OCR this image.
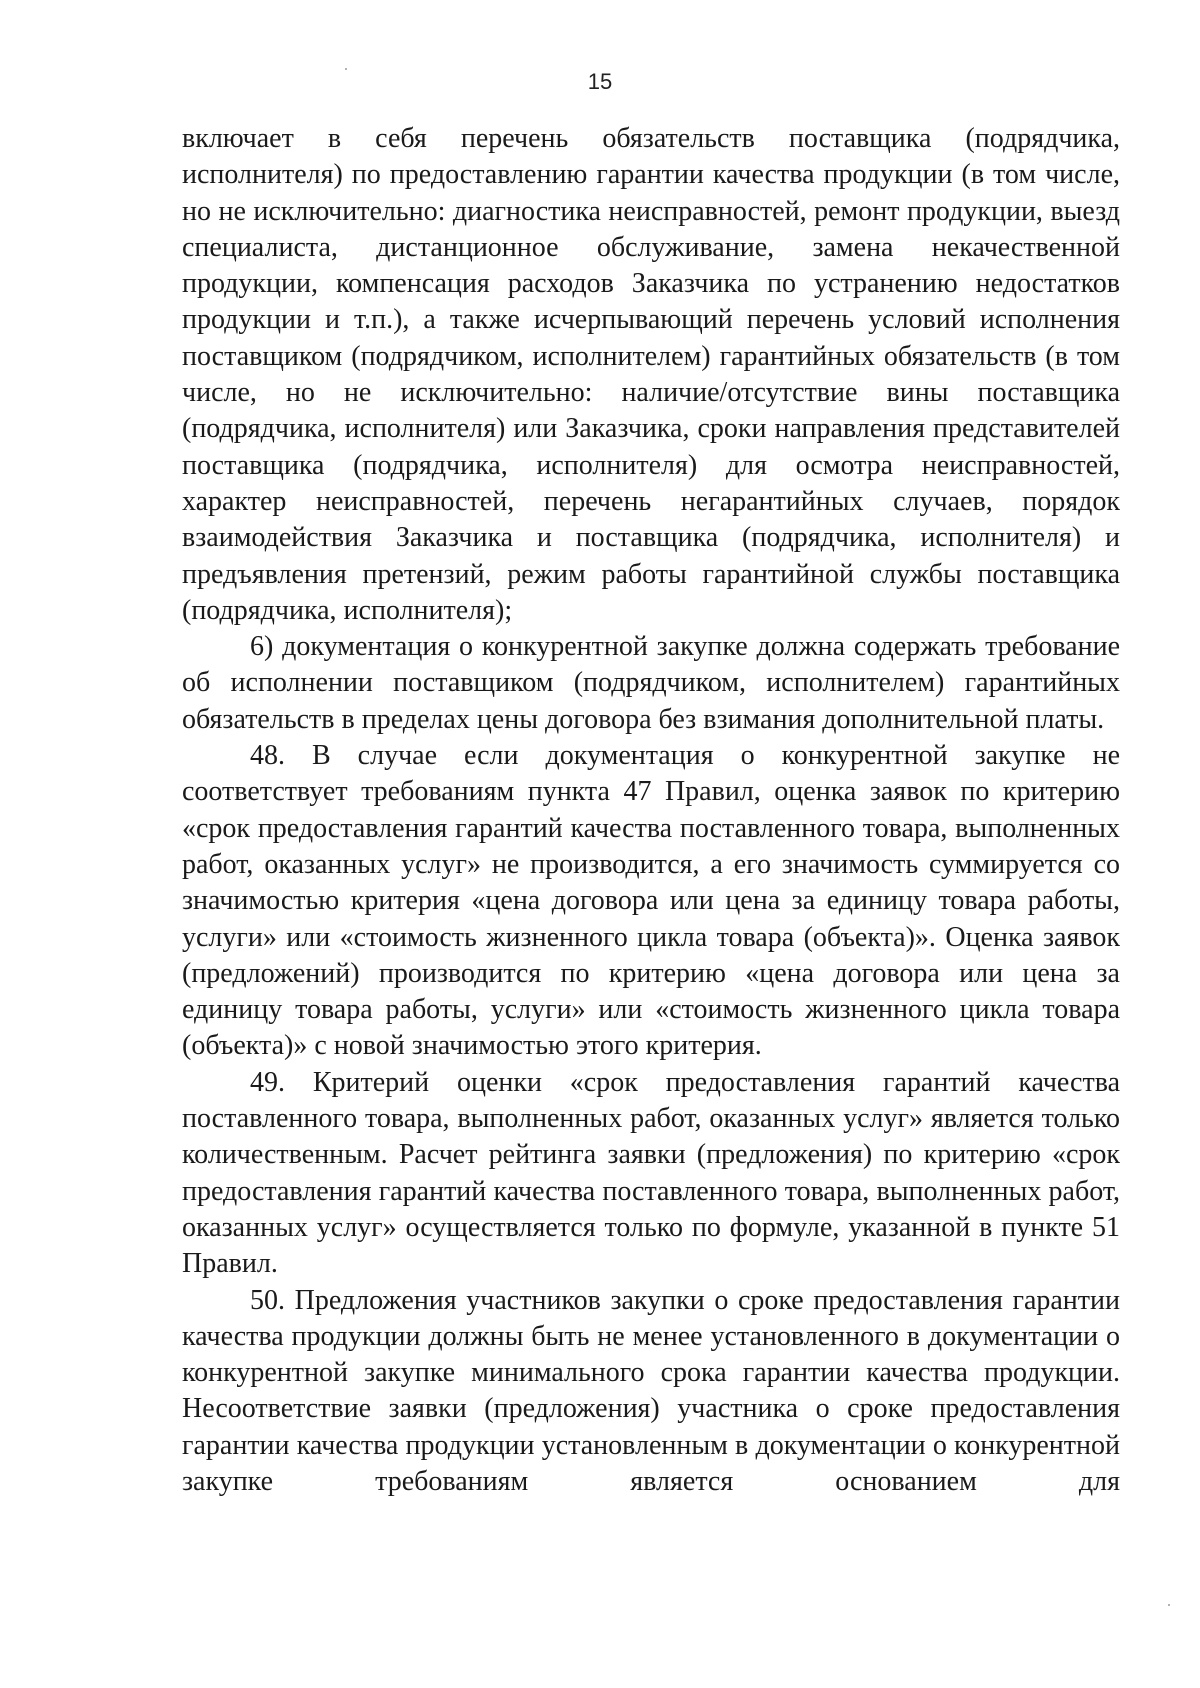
15

включает в себя перечень обязательств поставщика (подрядчика, исполнителя) по предоставлению гарантии качества продукции (в том числе, но не исключительно: диагностика неисправностей, ремонт продукции, выезд специалиста, дистанционное обслуживание, замена некачественной продукции, компенсация расходов Заказчика по устранению недостатков продукции и т.п.), а также исчерпывающий перечень условий исполнения поставщиком (подрядчиком, исполнителем) гарантийных обязательств (в том числе, но не исключительно: наличие/отсутствие вины поставщика (подрядчика, исполнителя) или Заказчика, сроки направления представителей поставщика (подрядчика, исполнителя) для осмотра неисправностей, характер неисправностей, перечень негарантийных случаев, порядок взаимодействия Заказчика и поставщика (подрядчика, исполнителя) и предъявления претензий, режим работы гарантийной службы поставщика (подрядчика, исполнителя);

6) документация о конкурентной закупке должна содержать требование об исполнении поставщиком (подрядчиком, исполнителем) гарантийных обязательств в пределах цены договора без взимания дополнительной платы.

48. В случае если документация о конкурентной закупке не соответствует требованиям пункта 47 Правил, оценка заявок по критерию «срок предоставления гарантий качества поставленного товара, выполненных работ, оказанных услуг» не производится, а его значимость суммируется со значимостью критерия «цена договора или цена за единицу товара работы, услуги» или «стоимость жизненного цикла товара (объекта)». Оценка заявок (предложений) производится по критерию «цена договора или цена за единицу товара работы, услуги» или «стоимость жизненного цикла товара (объекта)» с новой значимостью этого критерия.

49. Критерий оценки «срок предоставления гарантий качества поставленного товара, выполненных работ, оказанных услуг» является только количественным. Расчет рейтинга заявки (предложения) по критерию «срок предоставления гарантий качества поставленного товара, выполненных работ, оказанных услуг» осуществляется только по формуле, указанной в пункте 51 Правил.

50. Предложения участников закупки о сроке предоставления гарантии качества продукции должны быть не менее установленного в документации о конкурентной закупке минимального срока гарантии качества продукции. Несоответствие заявки (предложения) участника о сроке предоставления гарантии качества продукции установленным в документации о конкурентной закупке требованиям является основанием для
